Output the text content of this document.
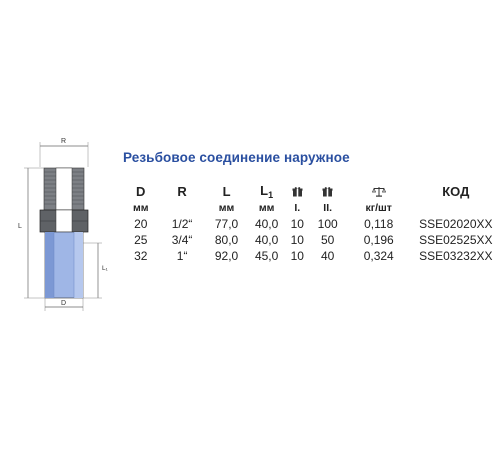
R
L
L₁
D
Резьбовое соединение наружное
D	R	L	$L_1$				КОД
мм		мм	мм	I.	II.	кг/шт	
20	1/2“	77,0	40,0	10	100	0,118	SSE02020XX
25	3/4“	80,0	40,0	10	50	0,196	SSE02525XX
32	1“	92,0	45,0	10	40	0,324	SSE03232XX
